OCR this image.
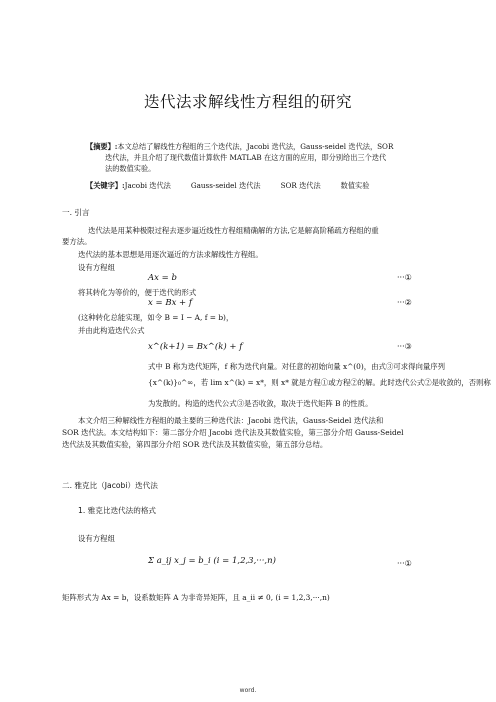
迭代法求解线性方程组的研究
【摘要】:本文总结了解线性方程组的三个迭代法，Jacobi 迭代法，Gauss-seidel 迭代法，SOR
迭代法，并且介绍了现代数值计算软件 MATLAB 在这方面的应用，即分别给出三个迭代
法的数值实验。
【关键字】:Jacobi 迭代法	Gauss-seidel 迭代法	SOR 迭代法	数值实验
一. 引言
迭代法是用某种极限过程去逐步逼近线性方程组精确解的方法,它是解高阶稀疏方程组的重
要方法。
迭代法的基本思想是用逐次逼近的方法求解线性方程组。
设有方程组
Ax = b	···①
将其转化为等价的，便于迭代的形式
x = Bx + f	···②
(这种转化总能实现，如令 B = I − A, f = b)，
并由此构造迭代公式
x^(k+1) = Bx^(k) + f	···③
式中 B 称为迭代矩阵，f 称为迭代向量。对任意的初始向量 x^(0)，由式③可求得向量序列
{x^(k)}₀^∞，若 lim x^(k) = x*，则 x* 就是方程①或方程②的解。此时迭代公式②是收敛的，否则称
为发散的。构造的迭代公式③是否收敛，取决于迭代矩阵 B 的性质。
本文介绍三种解线性方程组的最主要的三种迭代法：Jacobi 迭代法，Gauss-Seidel 迭代法和
SOR 迭代法。本文结构如下：第二部分介绍 Jacobi 迭代法及其数值实验，第三部分介绍 Gauss-Seidel
迭代法及其数值实验，第四部分介绍 SOR 迭代法及其数值实验，第五部分总结。
二. 雅克比（Jacobi）迭代法
1. 雅克比迭代法的格式
设有方程组
Σ a_ij x_j = b_i (i = 1,2,3,···,n)	···①
矩阵形式为 Ax = b，设系数矩阵 A 为非奇异矩阵，且 a_ii ≠ 0, (i = 1,2,3,···,n)
word.
